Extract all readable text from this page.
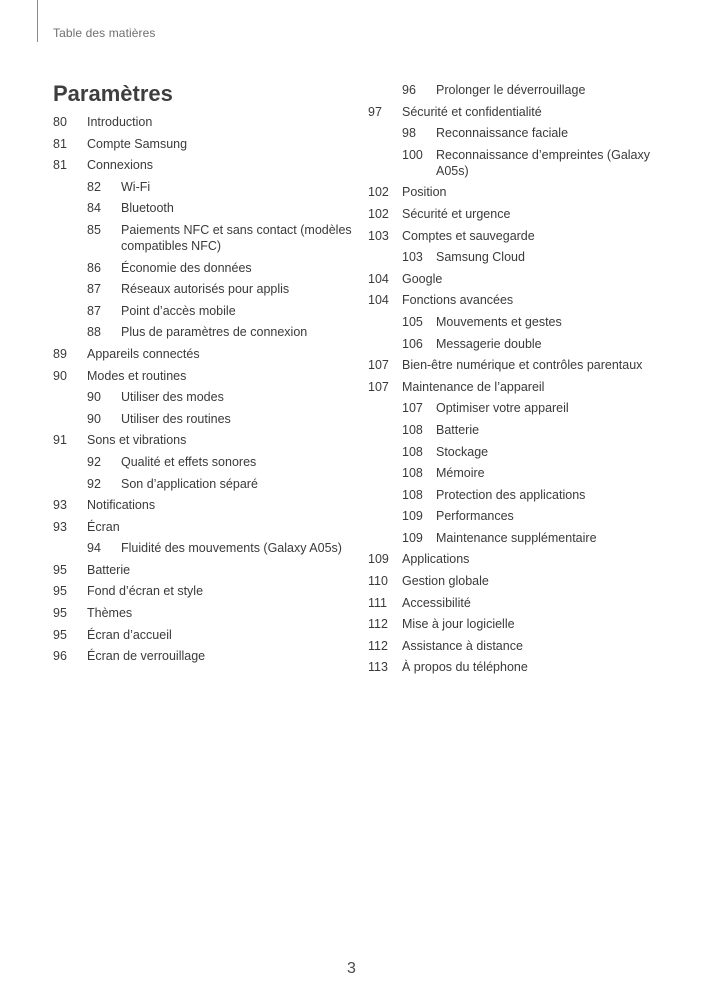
Table des matières
Paramètres
80	Introduction
81	Compte Samsung
81	Connexions
82	Wi-Fi
84	Bluetooth
85	Paiements NFC et sans contact (modèles compatibles NFC)
86	Économie des données
87	Réseaux autorisés pour applis
87	Point d’accès mobile
88	Plus de paramètres de connexion
89	Appareils connectés
90	Modes et routines
90	Utiliser des modes
90	Utiliser des routines
91	Sons et vibrations
92	Qualité et effets sonores
92	Son d’application séparé
93	Notifications
93	Écran
94	Fluidité des mouvements (Galaxy A05s)
95	Batterie
95	Fond d’écran et style
95	Thèmes
95	Écran d’accueil
96	Écran de verrouillage
96	Prolonger le déverrouillage
97	Sécurité et confidentialité
98	Reconnaissance faciale
100	Reconnaissance d’empreintes (Galaxy A05s)
102	Position
102	Sécurité et urgence
103	Comptes et sauvegarde
103	Samsung Cloud
104	Google
104	Fonctions avancées
105	Mouvements et gestes
106	Messagerie double
107	Bien-être numérique et contrôles parentaux
107	Maintenance de l’appareil
107	Optimiser votre appareil
108	Batterie
108	Stockage
108	Mémoire
108	Protection des applications
109	Performances
109	Maintenance supplémentaire
109	Applications
110	Gestion globale
111	Accessibilité
112	Mise à jour logicielle
112	Assistance à distance
113	À propos du téléphone
3
